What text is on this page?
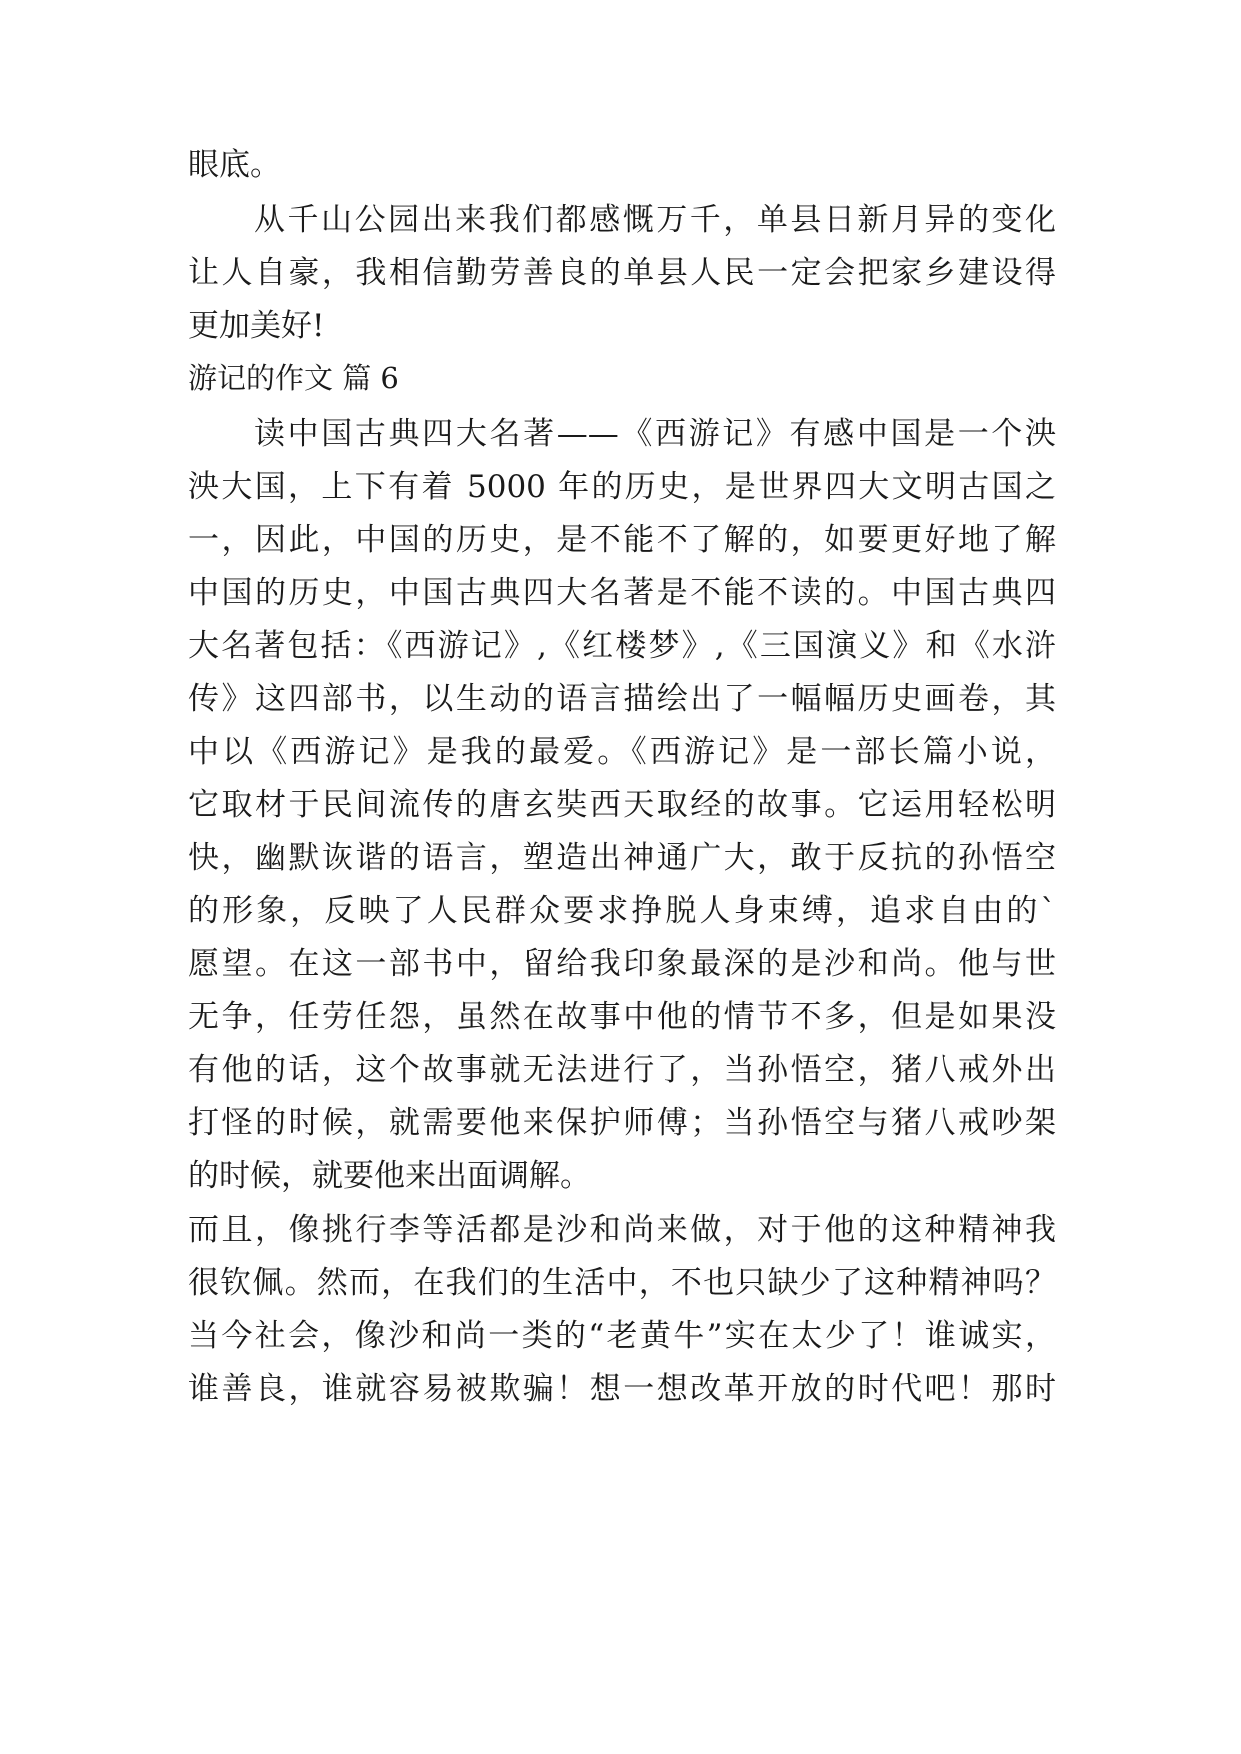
眼底。
从千山公园出来我们都感慨万千，单县日新月异的变化
让人自豪，我相信勤劳善良的单县人民一定会把家乡建设得
更加美好!
游记的作文 篇 6
读中国古典四大名著——《西游记》有感中国是一个泱
泱大国，上下有着 5000 年的历史，是世界四大文明古国之
一，因此，中国的历史，是不能不了解的，如要更好地了解
中国的历史，中国古典四大名著是不能不读的。中国古典四
大名著包括：《西游记》,《红楼梦》,《三国演义》和《水浒
传》这四部书，以生动的语言描绘出了一幅幅历史画卷，其
中以《西游记》是我的最爱。《西游记》是一部长篇小说，
它取材于民间流传的唐玄奘西天取经的故事。它运用轻松明
快，幽默诙谐的语言，塑造出神通广大，敢于反抗的孙悟空
的形象，反映了人民群众要求挣脱人身束缚，追求自由的`
愿望。在这一部书中，留给我印象最深的是沙和尚。他与世
无争，任劳任怨，虽然在故事中他的情节不多，但是如果没
有他的话，这个故事就无法进行了，当孙悟空，猪八戒外出
打怪的时候，就需要他来保护师傅；当孙悟空与猪八戒吵架
的时候，就要他来出面调解。
而且，像挑行李等活都是沙和尚来做，对于他的这种精神我
很钦佩。然而，在我们的生活中，不也只缺少了这种精神吗？
当今社会，像沙和尚一类的“老黄牛”实在太少了！谁诚实，
谁善良，谁就容易被欺骗！想一想改革开放的时代吧！那时
